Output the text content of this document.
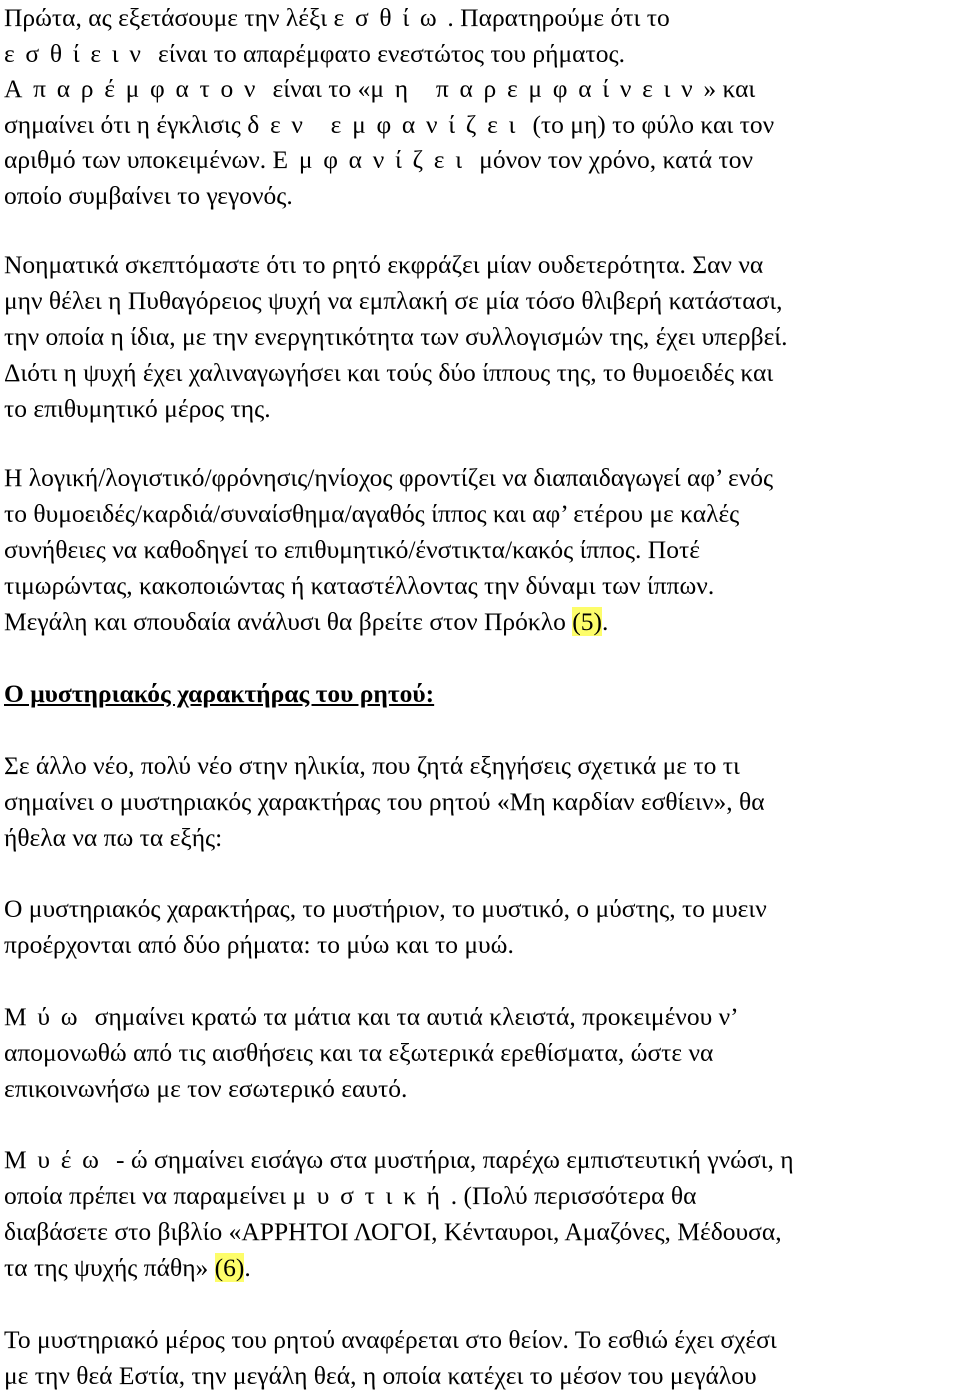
Πρώτα, ας εξετάσουμε την λέξι εσθίω. Παρατηρούμε ότι το
εσθίειν είναι το απαρέμφατο ενεστώτος του ρήματος.
Απαρέμφατον είναι το «μη παρεμφαίνειν» και
σημαίνει ότι η έγκλισις δεν εμφανίζει (το μη) το φύλο και τον
αριθμό των υποκειμένων. Εμφανίζει μόνον τον χρόνο, κατά τον
οποίο συμβαίνει το γεγονός.
Νοηματικά σκεπτόμαστε ότι το ρητό εκφράζει μίαν ουδετερότητα. Σαν να
μην θέλει η Πυθαγόρειος ψυχή να εμπλακή σε μία τόσο θλιβερή κατάστασι,
την οποία η ίδια, με την ενεργητικότητα των συλλογισμών της, έχει υπερβεί.
Διότι η ψυχή έχει χαλιναγωγήσει και τούς δύο ίππους της, το θυμοειδές και
το επιθυμητικό μέρος της.
Η λογική/λογιστικό/φρόνησις/ηνίοχος φροντίζει να διαπαιδαγωγεί αφ’ ενός
το θυμοειδές/καρδιά/συναίσθημα/αγαθός ίππος και αφ’ ετέρου με καλές
συνήθειες να καθοδηγεί το επιθυμητικό/ένστικτα/κακός ίππος. Ποτέ
τιμωρώντας, κακοποιώντας ή καταστέλλοντας την δύναμι των ίππων.
Μεγάλη και σπουδαία ανάλυσι θα βρείτε στον Πρόκλο (5).
Ο μυστηριακός χαρακτήρας του ρητού:
Σε άλλο νέο, πολύ νέο στην ηλικία, που ζητά εξηγήσεις σχετικά με το τι
σημαίνει ο μυστηριακός χαρακτήρας του ρητού «Μη καρδίαν εσθίειν», θα
ήθελα να πω τα εξής:
Ο μυστηριακός χαρακτήρας, το μυστήριον, το μυστικό, ο μύστης, το μυειν
προέρχονται από δύο ρήματα: το μύω και το μυώ.
Μύω σημαίνει κρατώ τα μάτια και τα αυτιά κλειστά, προκειμένου ν’
απομονωθώ από τις αισθήσεις και τα εξωτερικά ερεθίσματα, ώστε να
επικοινωνήσω με τον εσωτερικό εαυτό.
Μυέω - ώ σημαίνει εισάγω στα μυστήρια, παρέχω εμπιστευτική γνώσι, η
οποία πρέπει να παραμείνει μυστική. (Πολύ περισσότερα θα
διαβάσετε στο βιβλίο «ΑΡΡΗΤΟΙ ΛΟΓΟΙ, Κένταυροι, Αμαζόνες, Μέδουσα,
τα της ψυχής πάθη» (6).
Το μυστηριακό μέρος του ρητού αναφέρεται στο θείον. Το εσθιώ έχει σχέσι
με την θεά Εστία, την μεγάλη θεά, η οποία κατέχει το μέσον του μεγάλου
